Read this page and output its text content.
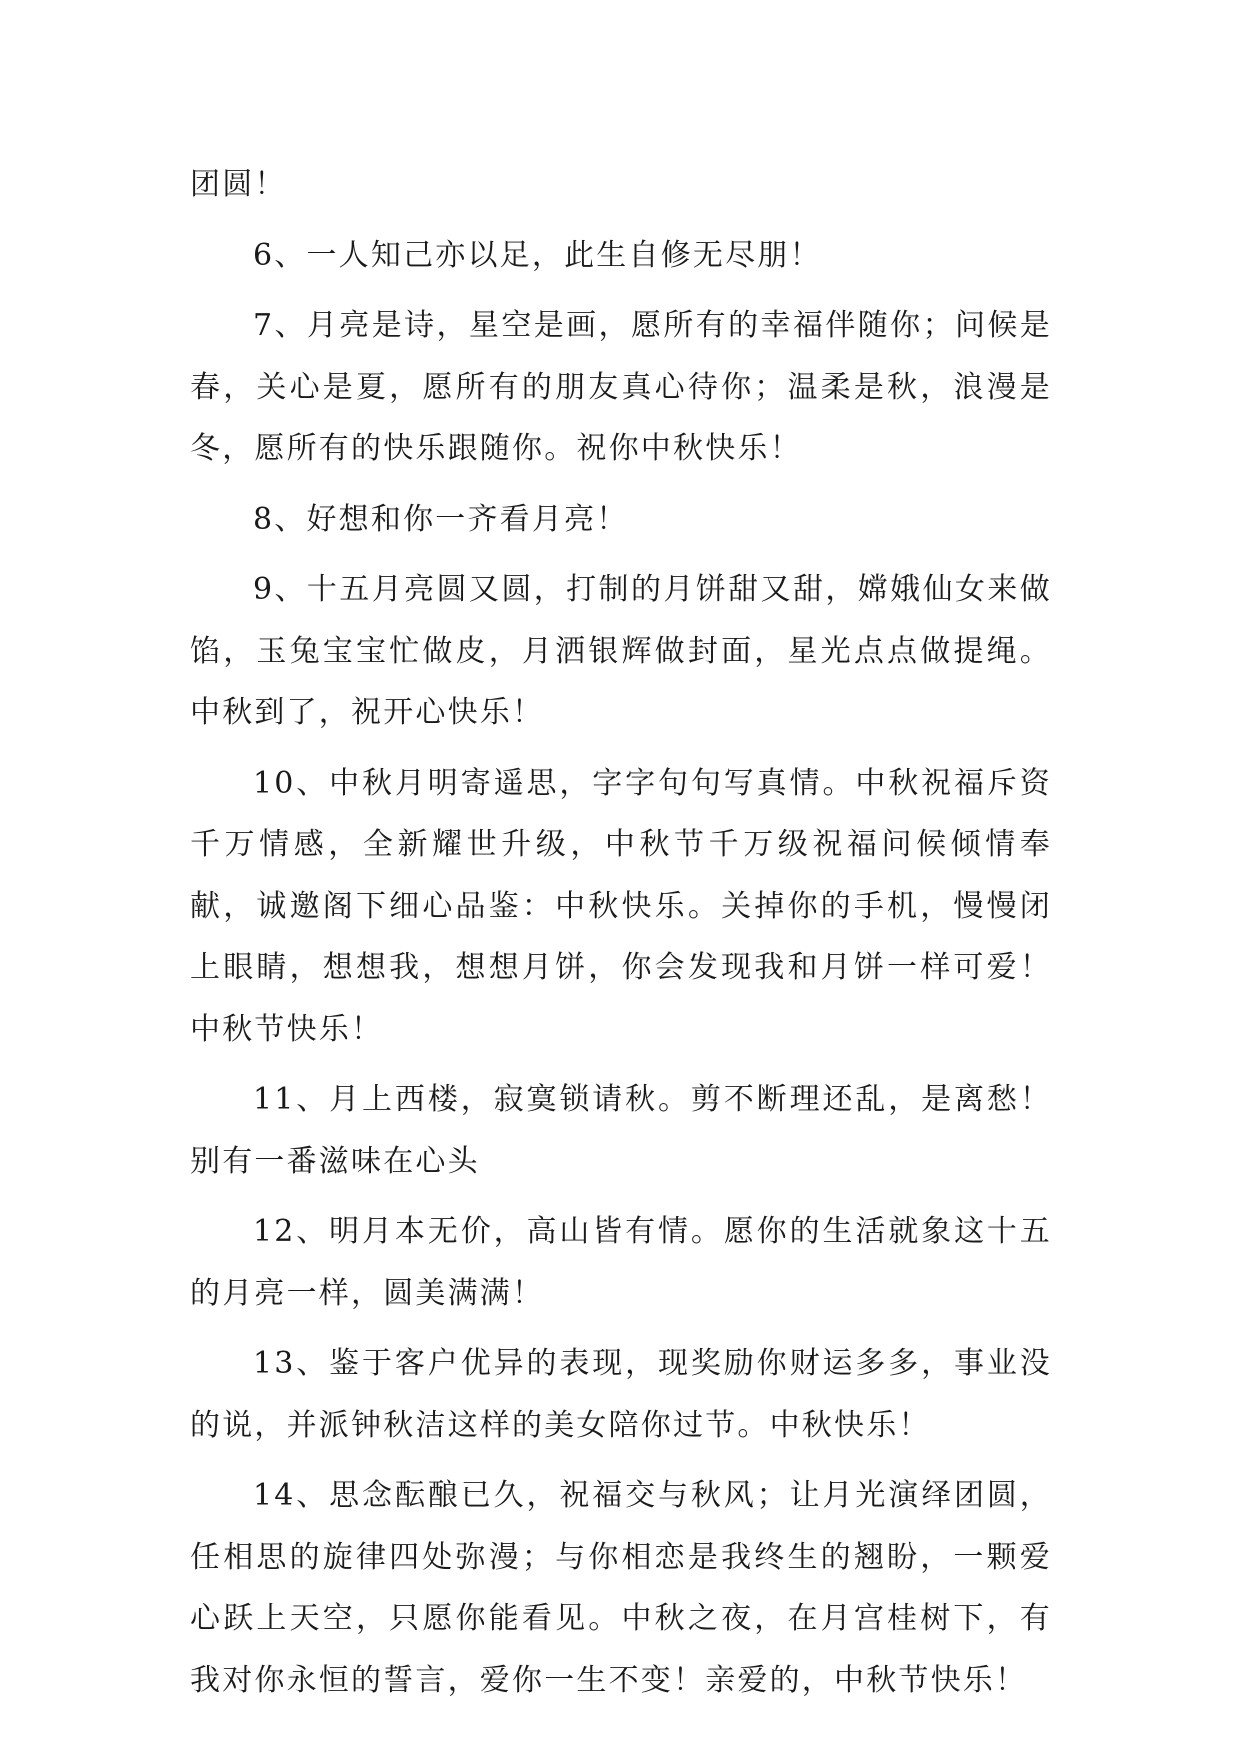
团圆！

6、一人知己亦以足，此生自修无尽朋！

7、月亮是诗，星空是画，愿所有的幸福伴随你；问候是春，关心是夏，愿所有的朋友真心待你；温柔是秋，浪漫是冬，愿所有的快乐跟随你。祝你中秋快乐！

8、好想和你一齐看月亮！

9、十五月亮圆又圆，打制的月饼甜又甜，嫦娥仙女来做馅，玉兔宝宝忙做皮，月洒银辉做封面，星光点点做提绳。中秋到了，祝开心快乐！

10、中秋月明寄遥思，字字句句写真情。中秋祝福斥资千万情感，全新耀世升级，中秋节千万级祝福问候倾情奉献，诚邀阁下细心品鉴：中秋快乐。关掉你的手机，慢慢闭上眼睛，想想我，想想月饼，你会发现我和月饼一样可爱！中秋节快乐！

11、月上西楼，寂寞锁请秋。剪不断理还乱，是离愁！别有一番滋味在心头

12、明月本无价，高山皆有情。愿你的生活就象这十五的月亮一样，圆美满满！

13、鉴于客户优异的表现，现奖励你财运多多，事业没的说，并派钟秋洁这样的美女陪你过节。中秋快乐！

14、思念酝酿已久，祝福交与秋风；让月光演绎团圆，任相思的旋律四处弥漫；与你相恋是我终生的翘盼，一颗爱心跃上天空，只愿你能看见。中秋之夜，在月宫桂树下，有我对你永恒的誓言，爱你一生不变！亲爱的，中秋节快乐！
